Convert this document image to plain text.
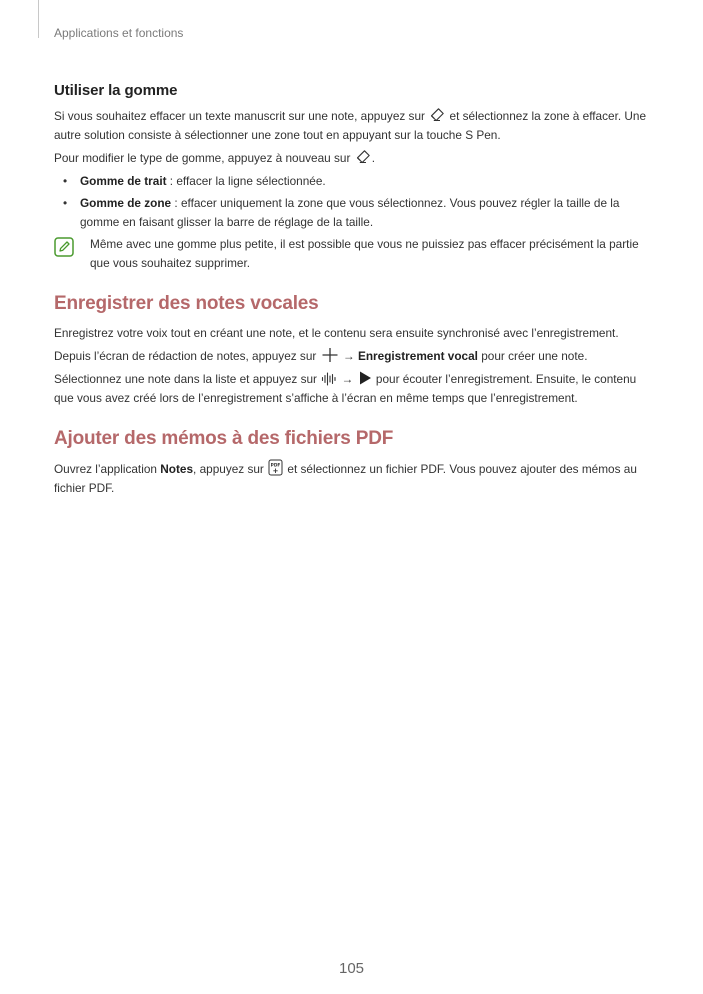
Applications et fonctions
Utiliser la gomme

Si vous souhaitez effacer un texte manuscrit sur une note, appuyez sur et sélectionnez la zone à effacer. Une autre solution consiste à sélectionner une zone tout en appuyant sur la touche S Pen.

Pour modifier le type de gomme, appuyez à nouveau sur .

• Gomme de trait : effacer la ligne sélectionnée.
• Gomme de zone : effacer uniquement la zone que vous sélectionnez. Vous pouvez régler la taille de la gomme en faisant glisser la barre de réglage de la taille.
Même avec une gomme plus petite, il est possible que vous ne puissiez pas effacer précisément la partie que vous souhaitez supprimer.
Enregistrer des notes vocales

Enregistrez votre voix tout en créant une note, et le contenu sera ensuite synchronisé avec l’enregistrement.

Depuis l’écran de rédaction de notes, appuyez sur → Enregistrement vocal pour créer une note.

Sélectionnez une note dans la liste et appuyez sur → pour écouter l’enregistrement. Ensuite, le contenu que vous avez créé lors de l’enregistrement s’affiche à l’écran en même temps que l’enregistrement.

Ajouter des mémos à des fichiers PDF

Ouvrez l’application Notes, appuyez sur PDF et sélectionnez un fichier PDF. Vous pouvez ajouter des mémos au fichier PDF.

105
